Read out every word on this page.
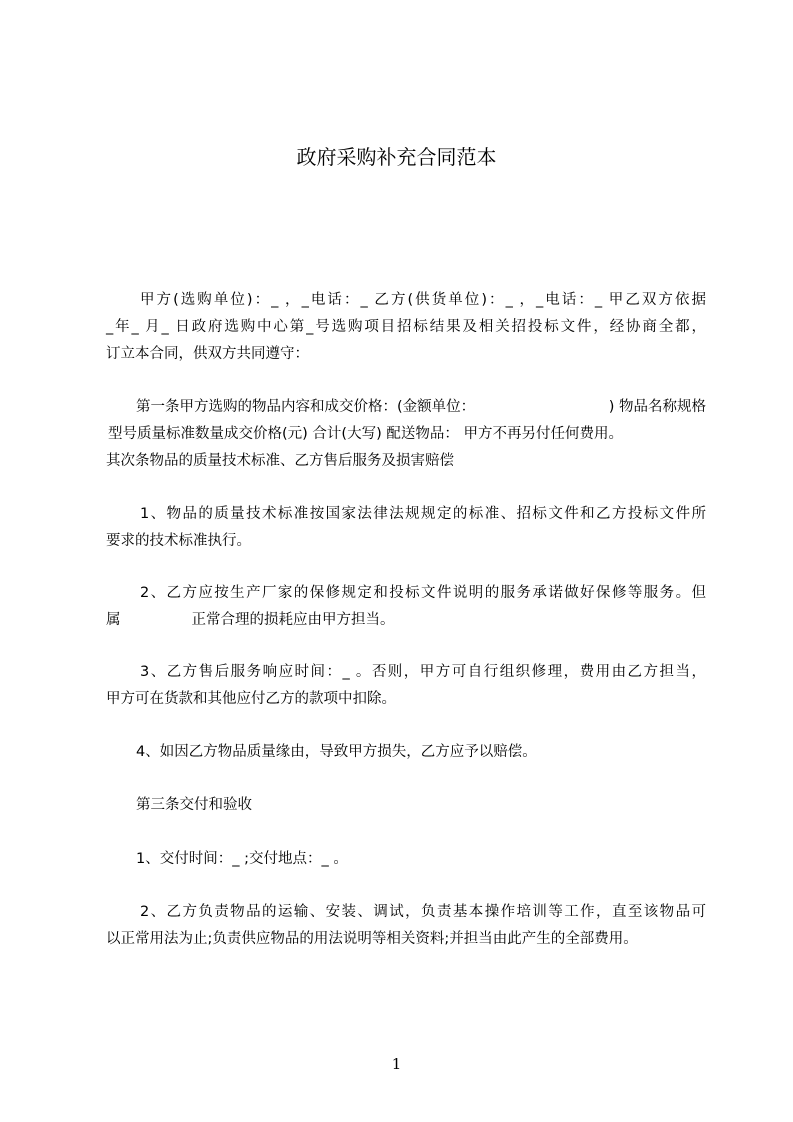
政府采购补充合同范本
甲方(选购单位)：_ ，_电话：_ 乙方(供货单位)：_ ，_电话：_ 甲乙双方依据
_年_ 月_ 日政府选购中心第_号选购项目招标结果及相关招投标文件，经协商全都，
订立本合同，供双方共同遵守：
第一条甲方选购的物品内容和成交价格：(金额单位：	) 物品名称规格
型号质量标准数量成交价格(元) 合计(大写) 配送物品： 甲方不再另付任何费用。
其次条物品的质量技术标准、乙方售后服务及损害赔偿
1、物品的质量技术标准按国家法律法规规定的标准、招标文件和乙方投标文件所
要求的技术标准执行。
2、乙方应按生产厂家的保修规定和投标文件说明的服务承诺做好保修等服务。但
属	正常合理的损耗应由甲方担当。
3、乙方售后服务响应时间：_ 。否则，甲方可自行组织修理，费用由乙方担当，
甲方可在货款和其他应付乙方的款项中扣除。
4、如因乙方物品质量缘由，导致甲方损失，乙方应予以赔偿。
第三条交付和验收
1、交付时间：_ ;交付地点：_ 。
2、乙方负责物品的运输、安装、调试，负责基本操作培训等工作，直至该物品可
以正常用法为止;负责供应物品的用法说明等相关资料;并担当由此产生的全部费用。
1
